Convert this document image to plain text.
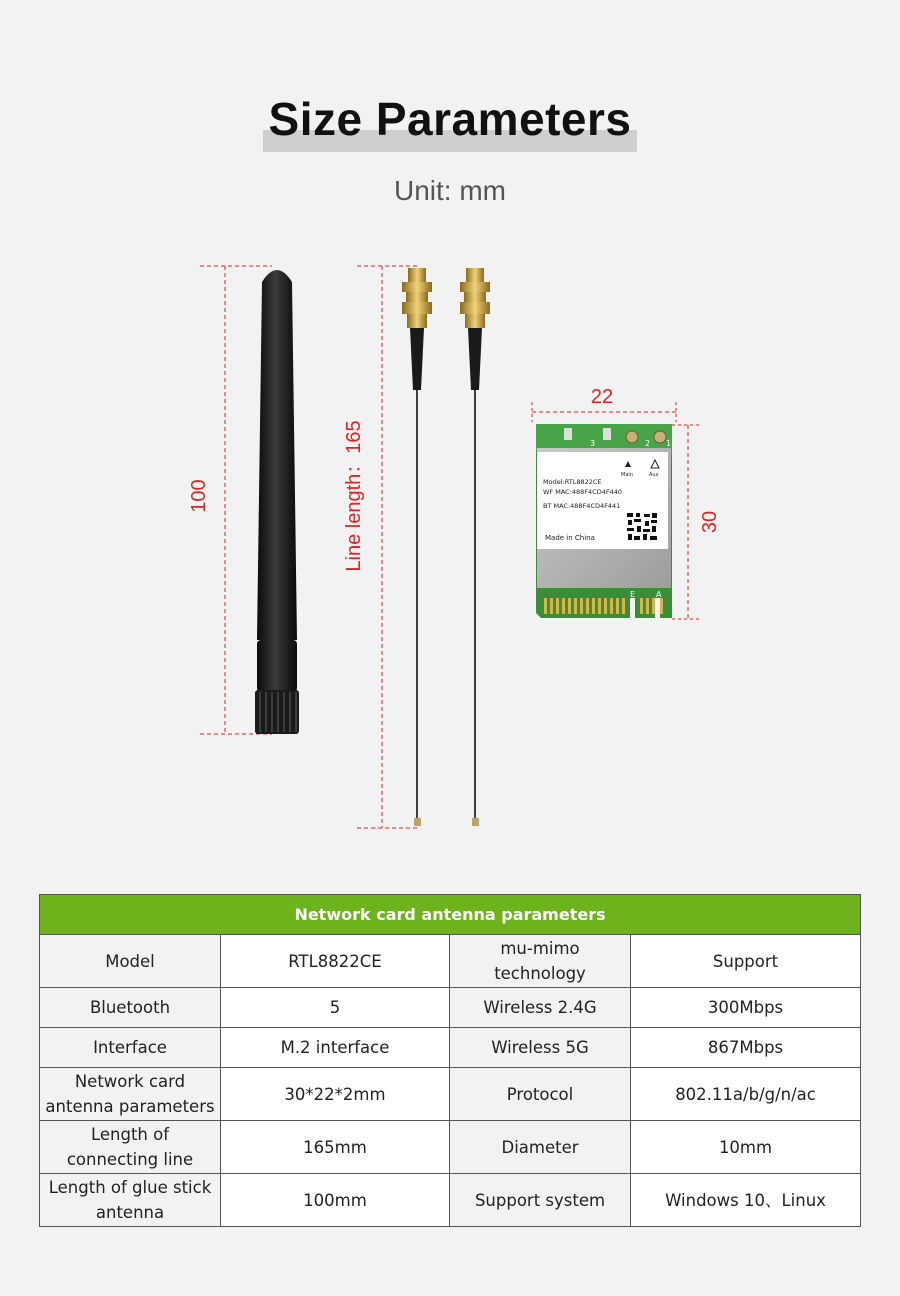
Size Parameters
Unit: mm
100	Line length：165
22
30
3	2 1
Model:RTL8822CE
WF MAC:488F4CD4F440
BT MAC:488F4CD4F441
Made in China
Main	Aux
E	A
Network card antenna parameters			
Model	RTL8822CE	mu-mimo technology	Support
Bluetooth	5	Wireless 2.4G	300Mbps
Interface	M.2 interface	Wireless 5G	867Mbps
Network card antenna parameters	30*22*2mm	Protocol	802.11a/b/g/n/ac
Length of connecting line	165mm	Diameter	10mm
Length of glue stick antenna	100mm	Support system	Windows 10、Linux
